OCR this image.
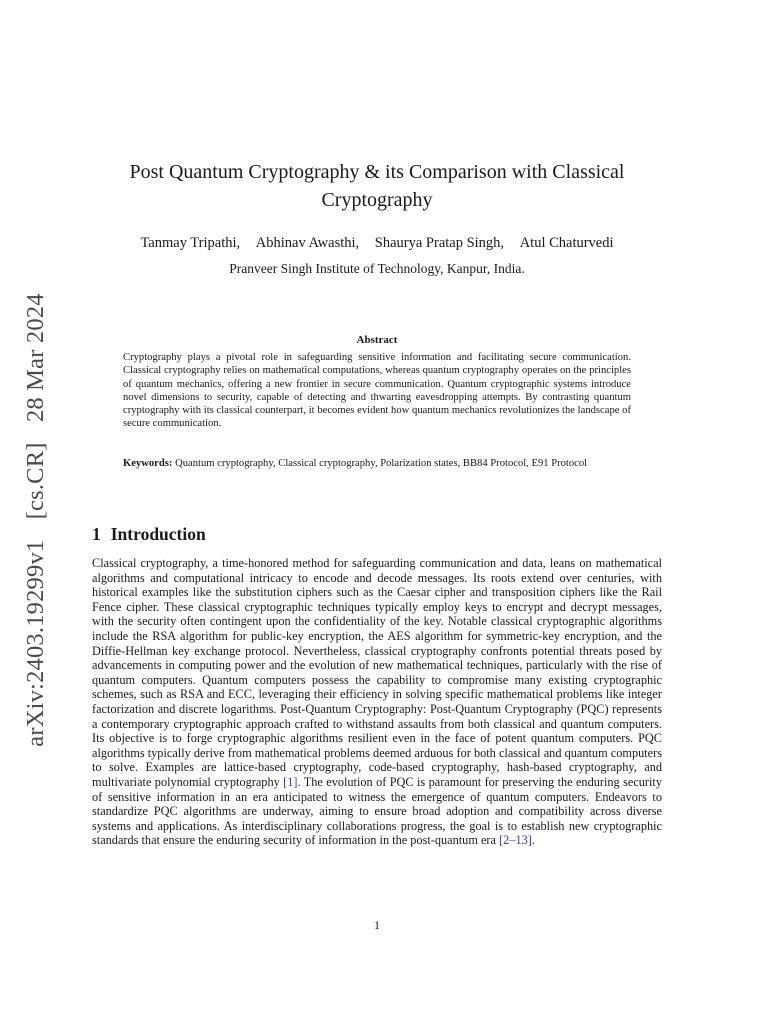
arXiv:2403.19299v1 [cs.CR] 28 Mar 2024
Post Quantum Cryptography & its Comparison with Classical Cryptography
Tanmay Tripathi, Abhinav Awasthi, Shaurya Pratap Singh, Atul Chaturvedi
Pranveer Singh Institute of Technology, Kanpur, India.
Abstract
Cryptography plays a pivotal role in safeguarding sensitive information and facilitating secure communication. Classical cryptography relies on mathematical computations, whereas quantum cryptography operates on the principles of quantum mechanics, offering a new frontier in secure communication. Quantum cryptographic systems introduce novel dimensions to security, capable of detecting and thwarting eavesdropping attempts. By contrasting quantum cryptography with its classical counterpart, it becomes evident how quantum mechanics revolutionizes the landscape of secure communication.
Keywords: Quantum cryptography, Classical cryptography, Polarization states, BB84 Protocol, E91 Protocol
1 Introduction
Classical cryptography, a time-honored method for safeguarding communication and data, leans on mathematical algorithms and computational intricacy to encode and decode messages. Its roots extend over centuries, with historical examples like the substitution ciphers such as the Caesar cipher and transposition ciphers like the Rail Fence cipher. These classical cryptographic techniques typically employ keys to encrypt and decrypt messages, with the security often contingent upon the confidentiality of the key. Notable classical cryptographic algorithms include the RSA algorithm for public-key encryption, the AES algorithm for symmetric-key encryption, and the Diffie-Hellman key exchange protocol. Nevertheless, classical cryptography confronts potential threats posed by advancements in computing power and the evolution of new mathematical techniques, particularly with the rise of quantum computers. Quantum computers possess the capability to compromise many existing cryptographic schemes, such as RSA and ECC, leveraging their efficiency in solving specific mathematical problems like integer factorization and discrete logarithms. Post-Quantum Cryptography: Post-Quantum Cryptography (PQC) represents a contemporary cryptographic approach crafted to withstand assaults from both classical and quantum computers. Its objective is to forge cryptographic algorithms resilient even in the face of potent quantum computers. PQC algorithms typically derive from mathematical problems deemed arduous for both classical and quantum computers to solve. Examples are lattice-based cryptography, code-based cryptography, hash-based cryptography, and multivariate polynomial cryptography [1]. The evolution of PQC is paramount for preserving the enduring security of sensitive information in an era anticipated to witness the emergence of quantum computers. Endeavors to standardize PQC algorithms are underway, aiming to ensure broad adoption and compatibility across diverse systems and applications. As interdisciplinary collaborations progress, the goal is to establish new cryptographic standards that ensure the enduring security of information in the post-quantum era [2–13].
1
